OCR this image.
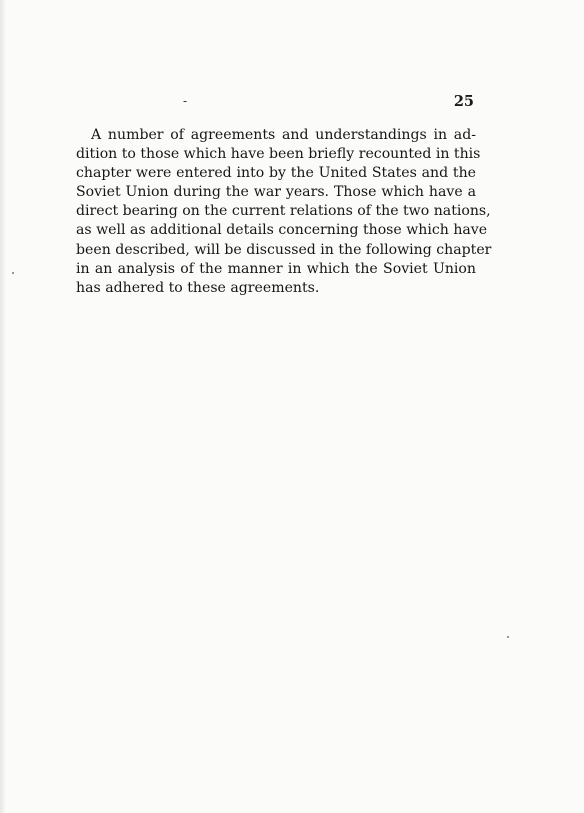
-	25
A number of agreements and understandings in ad-
dition to those which have been briefly recounted in this
chapter were entered into by the United States and the
Soviet Union during the war years. Those which have a
direct bearing on the current relations of the two nations,
as well as additional details concerning those which have
been described, will be discussed in the following chapter
in an analysis of the manner in which the Soviet Union
has adhered to these agreements.
